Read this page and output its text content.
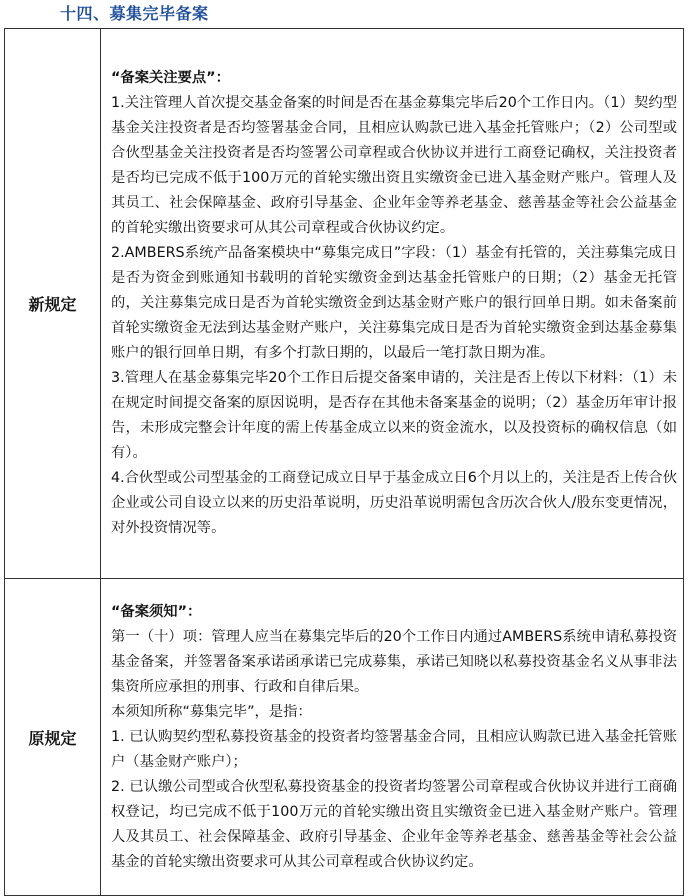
十四、募集完毕备案
新规定	“备案关注要点”：

1.关注管理人首次提交基金备案的时间是否在基金募集完毕后20个工作日内。（1）契约型基金关注投资者是否均签署基金合同，且相应认购款已进入基金托管账户；（2）公司型或合伙型基金关注投资者是否均签署公司章程或合伙协议并进行工商登记确权，关注投资者是否均已完成不低于100万元的首轮实缴出资且实缴资金已进入基金财产账户。管理人及其员工、社会保障基金、政府引导基金、企业年金等养老基金、慈善基金等社会公益基金的首轮实缴出资要求可从其公司章程或合伙协议约定。

2.AMBERS系统产品备案模块中“募集完成日”字段：（1）基金有托管的，关注募集完成日是否为资金到账通知书载明的首轮实缴资金到达基金托管账户的日期；（2）基金无托管的，关注募集完成日是否为首轮实缴资金到达基金财产账户的银行回单日期。如未备案前首轮实缴资金无法到达基金财产账户，关注募集完成日是否为首轮实缴资金到达基金募集账户的银行回单日期，有多个打款日期的，以最后一笔打款日期为准。

3.管理人在基金募集完毕20个工作日后提交备案申请的，关注是否上传以下材料：（1）未在规定时间提交备案的原因说明，是否存在其他未备案基金的说明；（2）基金历年审计报告，未形成完整会计年度的需上传基金成立以来的资金流水，以及投资标的确权信息（如有）。

4.合伙型或公司型基金的工商登记成立日早于基金成立日6个月以上的，关注是否上传合伙企业或公司自设立以来的历史沿革说明，历史沿革说明需包含历次合伙人/股东变更情况，对外投资情况等。

原规定	“备案须知”：

第一（十）项：管理人应当在募集完毕后的20个工作日内通过AMBERS系统申请私募投资基金备案，并签署备案承诺函承诺已完成募集，承诺已知晓以私募投资基金名义从事非法集资所应承担的刑事、行政和自律后果。

本须知所称“募集完毕”，是指：

1. 已认购契约型私募投资基金的投资者均签署基金合同，且相应认购款已进入基金托管账户（基金财产账户）；

2. 已认缴公司型或合伙型私募投资基金的投资者均签署公司章程或合伙协议并进行工商确权登记，均已完成不低于100万元的首轮实缴出资且实缴资金已进入基金财产账户。管理人及其员工、社会保障基金、政府引导基金、企业年金等养老基金、慈善基金等社会公益基金的首轮实缴出资要求可从其公司章程或合伙协议约定。
